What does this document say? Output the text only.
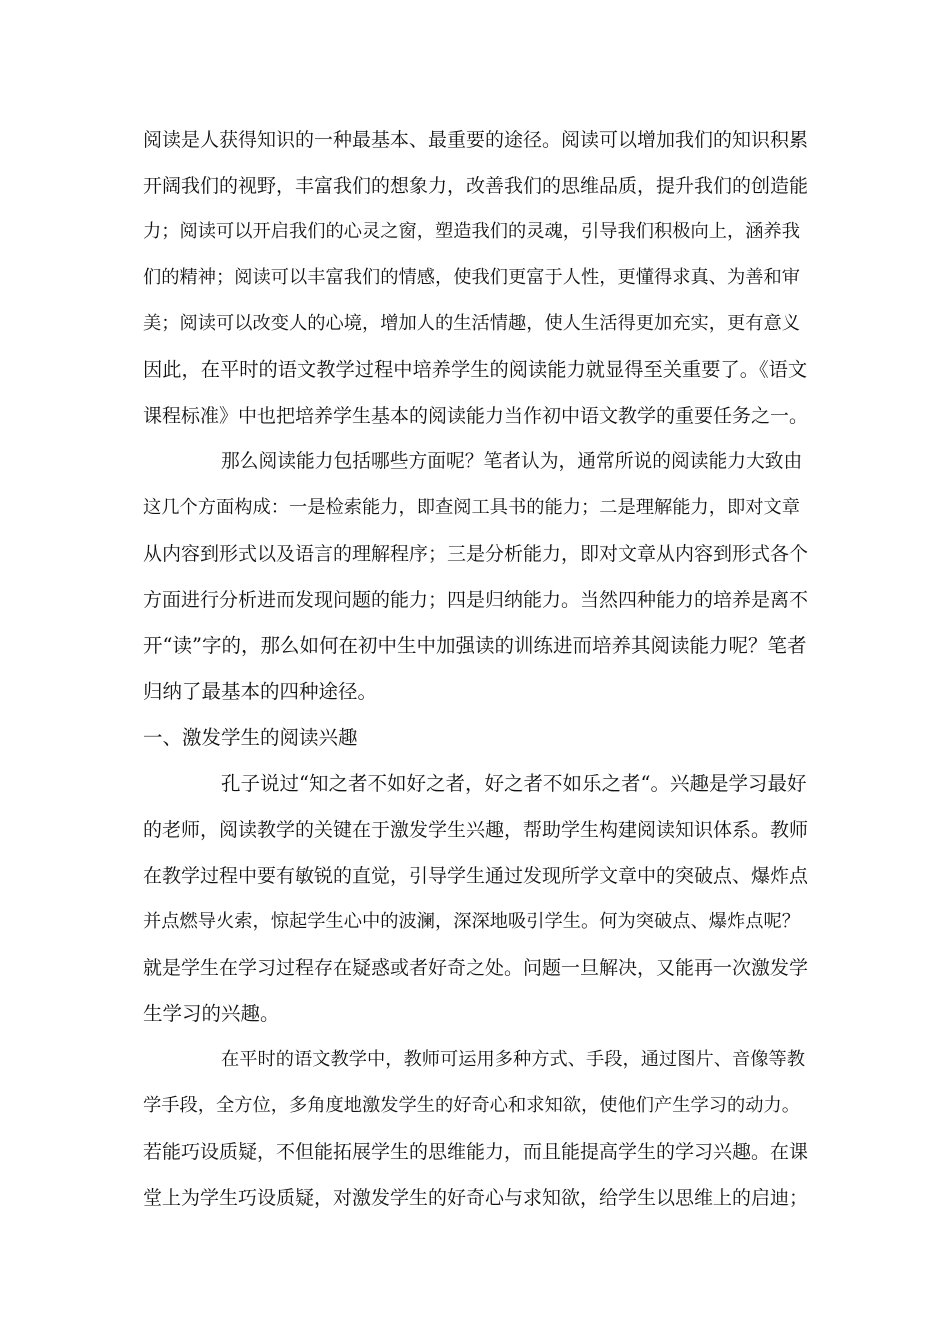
阅读是人获得知识的一种最基本、最重要的途径。阅读可以增加我们的知识积累

开阔我们的视野，丰富我们的想象力，改善我们的思维品质，提升我们的创造能

力；阅读可以开启我们的心灵之窗，塑造我们的灵魂，引导我们积极向上，涵养我

们的精神；阅读可以丰富我们的情感，使我们更富于人性，更懂得求真、为善和审

美；阅读可以改变人的心境，增加人的生活情趣，使人生活得更加充实，更有意义

因此，在平时的语文教学过程中培养学生的阅读能力就显得至关重要了。《语文

课程标准》中也把培养学生基本的阅读能力当作初中语文教学的重要任务之一。

那么阅读能力包括哪些方面呢？笔者认为，通常所说的阅读能力大致由

这几个方面构成：一是检索能力，即查阅工具书的能力；二是理解能力，即对文章

从内容到形式以及语言的理解程序；三是分析能力，即对文章从内容到形式各个

方面进行分析进而发现问题的能力；四是归纳能力。当然四种能力的培养是离不

开“读”字的，那么如何在初中生中加强读的训练进而培养其阅读能力呢？笔者

归纳了最基本的四种途径。

一、激发学生的阅读兴趣

孔子说过“知之者不如好之者，好之者不如乐之者“。兴趣是学习最好

的老师，阅读教学的关键在于激发学生兴趣，帮助学生构建阅读知识体系。教师

在教学过程中要有敏锐的直觉，引导学生通过发现所学文章中的突破点、爆炸点

并点燃导火索，惊起学生心中的波澜，深深地吸引学生。何为突破点、爆炸点呢？

就是学生在学习过程存在疑惑或者好奇之处。问题一旦解决，又能再一次激发学

生学习的兴趣。

在平时的语文教学中，教师可运用多种方式、手段，通过图片、音像等教

学手段，全方位，多角度地激发学生的好奇心和求知欲，使他们产生学习的动力。

若能巧设质疑，不但能拓展学生的思维能力，而且能提高学生的学习兴趣。在课

堂上为学生巧设质疑，对激发学生的好奇心与求知欲，给学生以思维上的启迪；
